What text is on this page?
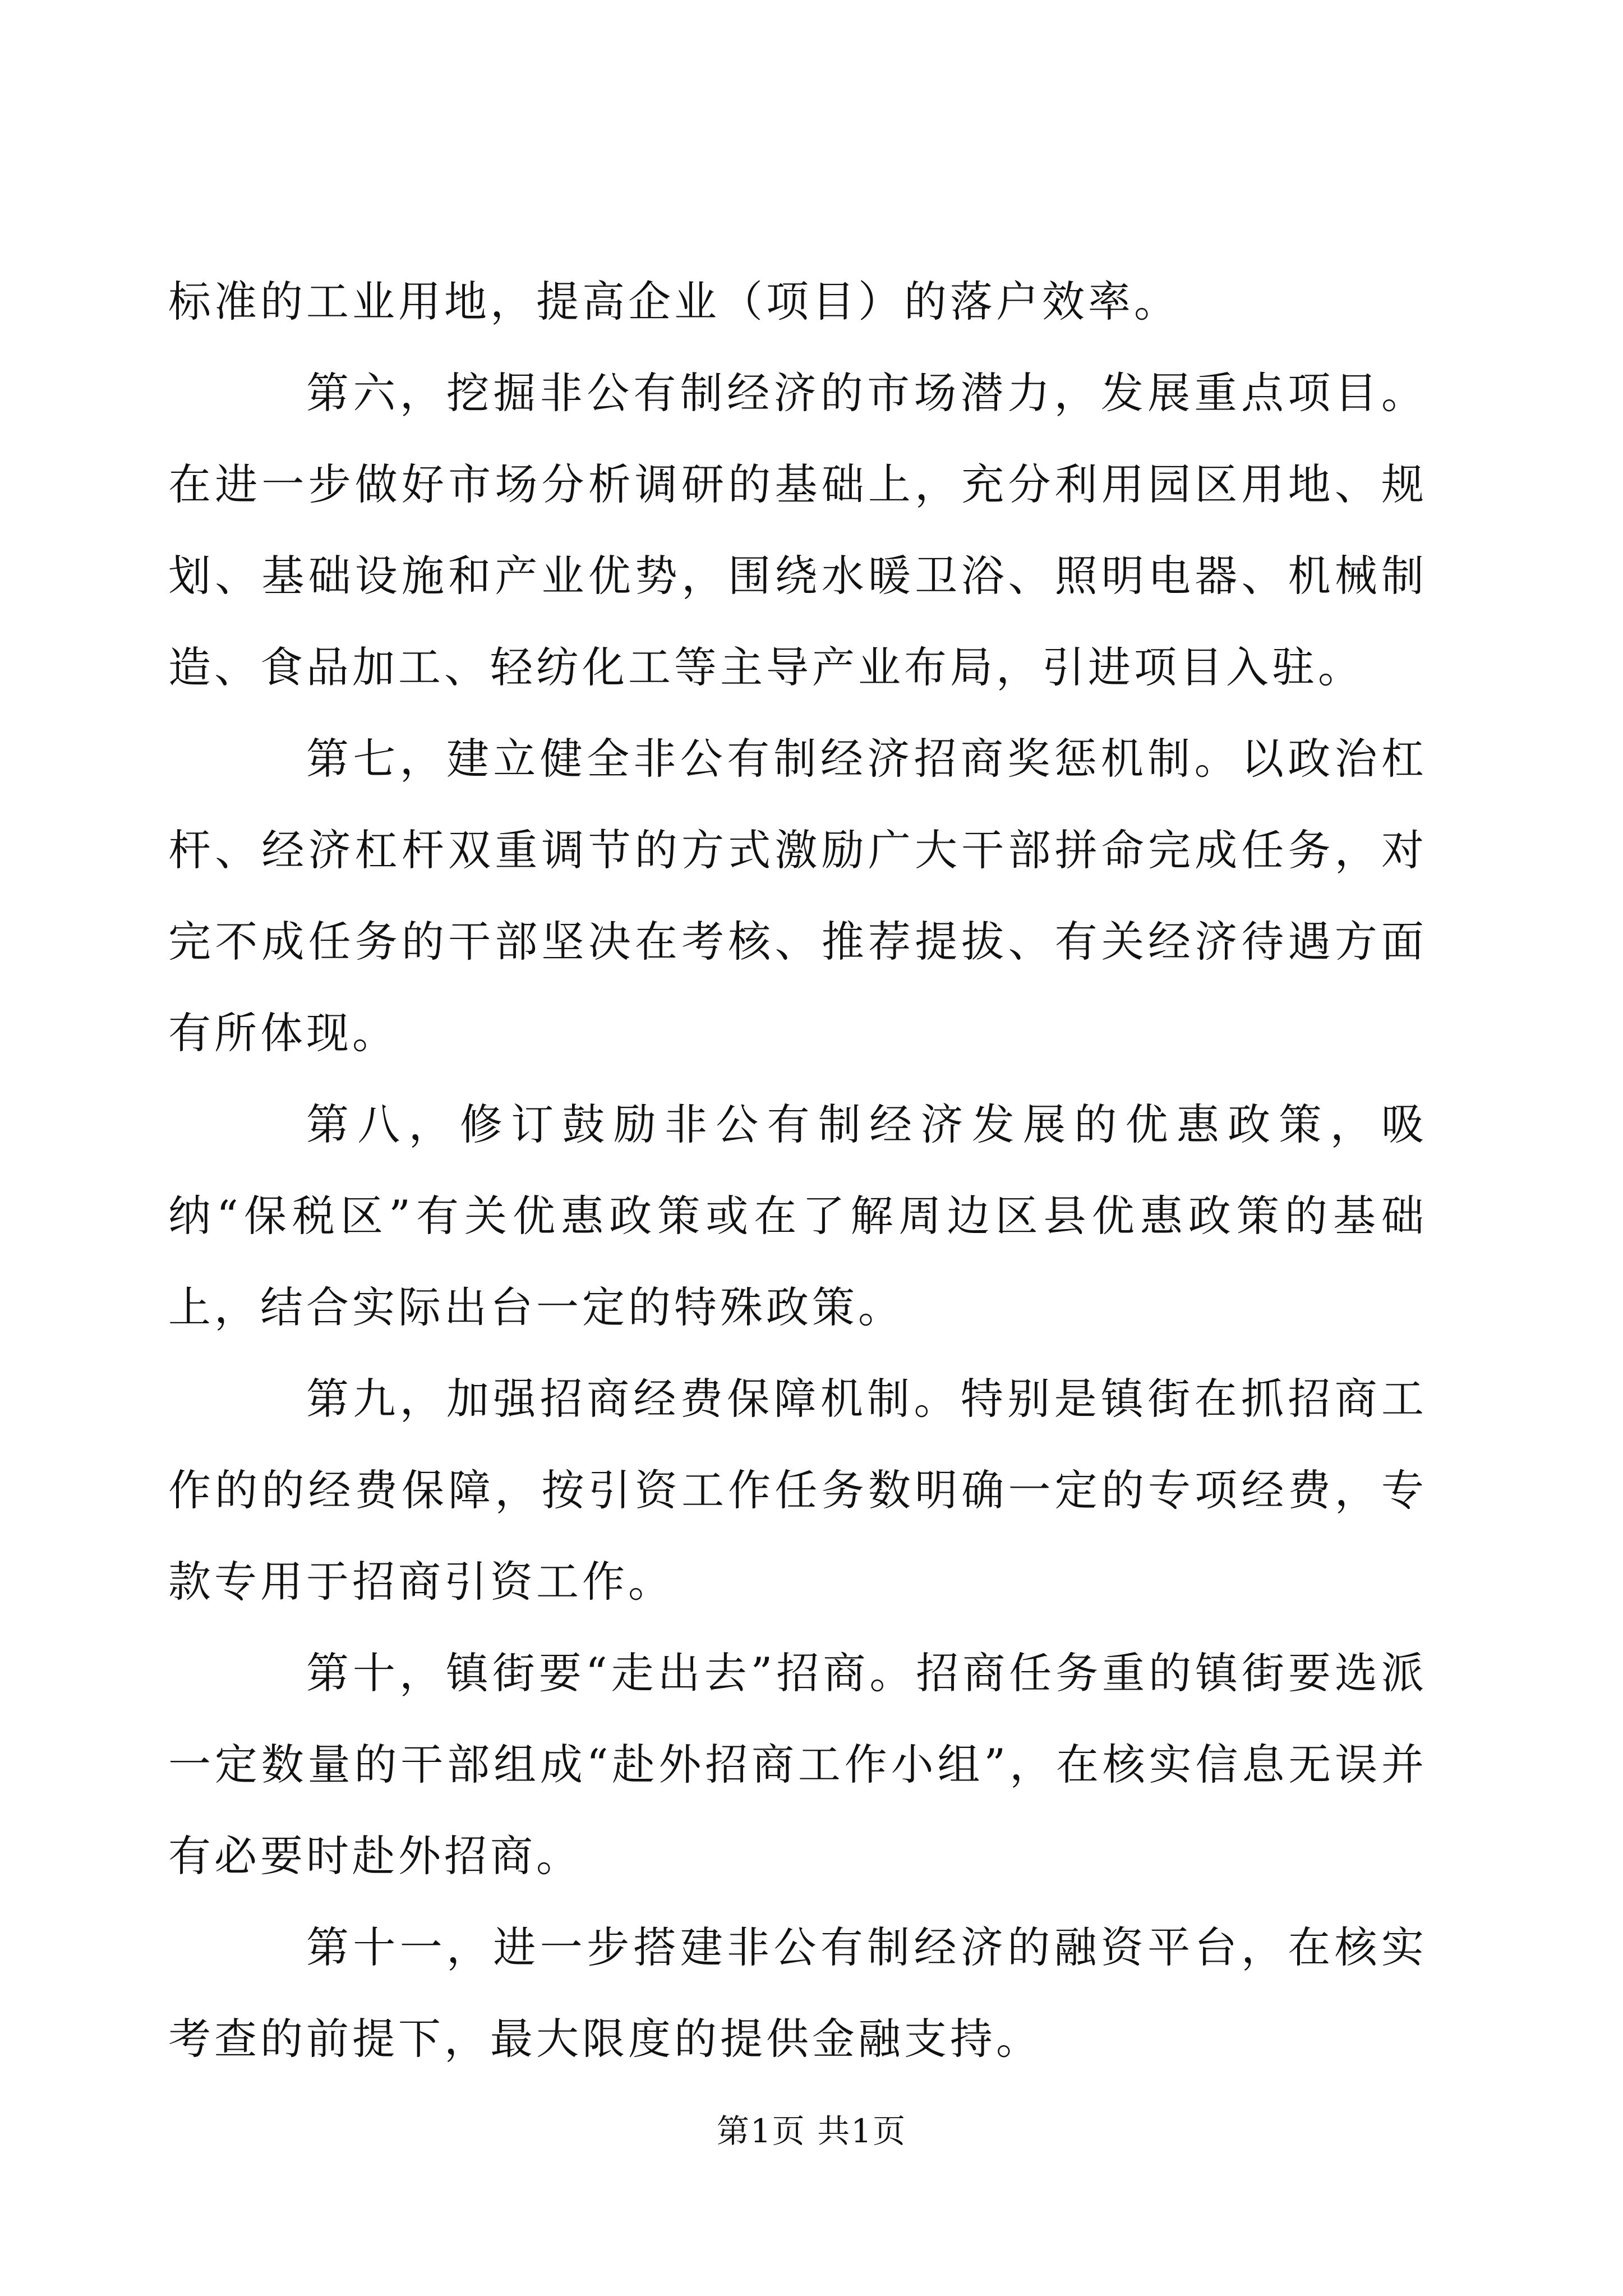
标准的工业用地，提高企业（项目）的落户效率。

第六，挖掘非公有制经济的市场潜力，发展重点项目。在进一步做好市场分析调研的基础上，充分利用园区用地、规划、基础设施和产业优势，围绕水暖卫浴、照明电器、机械制造、食品加工、轻纺化工等主导产业布局，引进项目入驻。

第七，建立健全非公有制经济招商奖惩机制。以政治杠杆、经济杠杆双重调节的方式激励广大干部拼命完成任务，对完不成任务的干部坚决在考核、推荐提拔、有关经济待遇方面有所体现。

第八，修订鼓励非公有制经济发展的优惠政策，吸纳“保税区”有关优惠政策或在了解周边区县优惠政策的基础上，结合实际出台一定的特殊政策。

第九，加强招商经费保障机制。特别是镇街在抓招商工作的的经费保障，按引资工作任务数明确一定的专项经费，专款专用于招商引资工作。

第十，镇街要“走出去”招商。招商任务重的镇街要选派一定数量的干部组成“赴外招商工作小组”，在核实信息无误并有必要时赴外招商。

第十一，进一步搭建非公有制经济的融资平台，在核实考查的前提下，最大限度的提供金融支持。

第1页 共1页
